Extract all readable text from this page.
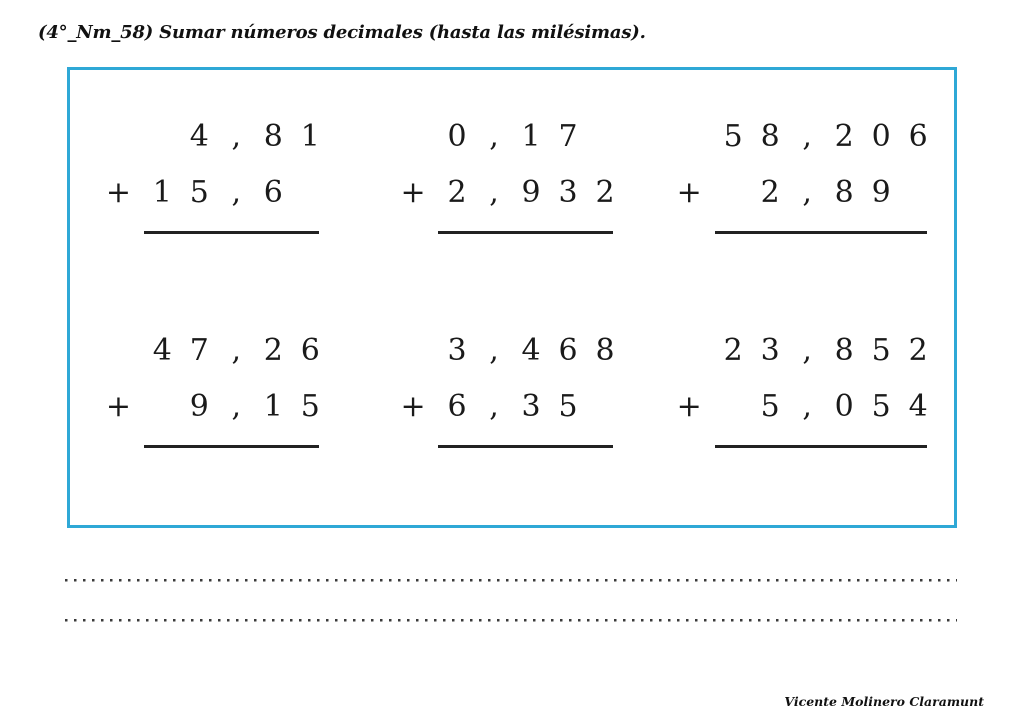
(4°_Nm_58) Sumar números decimales (hasta las milésimas).
4 , 8 1
+ 1 5 , 6
0 , 1 7
+ 2 , 9 3 2
5 8 , 2 0 6
+	2 , 8 9
4 7 , 2 6
+	9 , 1 5
3 , 4 6 8
+ 6 , 3 5
2 3 , 8 5 2
+	5 , 0 5 4
Vicente Molinero Claramunt
